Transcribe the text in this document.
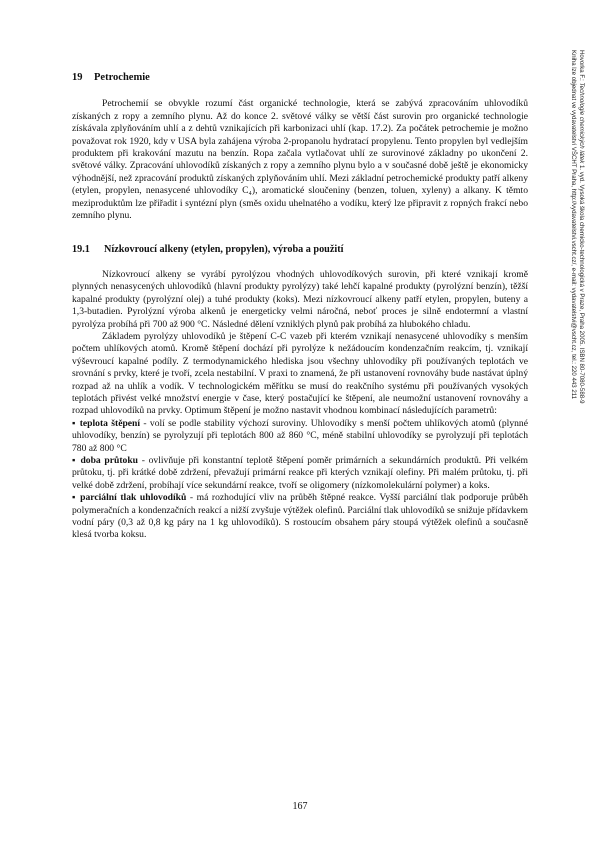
Hovorka F.: Technologie chemických látek 1. vyd. Vysoká škola chemicko-technologická v Praze, Praha 2005. ISBN 80-7080-588-9
Kniha lze objednat ve vydavatelství VŠCHT Praha, http://vydavatelstvi.vscht.cz/, e-mail: vydavatelstvi@vscht.cz, tel.: 220 443 211
19 Petrochemie

Petrochemií se obvykle rozumí část organické technologie, která se zabývá zpracováním uhlovodíků získaných z ropy a zemního plynu. Až do konce 2. světové války se větší část surovin pro organické technologie získávala zplyňováním uhlí a z dehtů vznikajících při karbonizaci uhlí (kap. 17.2). Za počátek petrochemie je možno považovat rok 1920, kdy v USA byla zahájena výroba 2-propanolu hydratací propylenu. Tento propylen byl vedlejším produktem při krakování mazutu na benzín. Ropa začala vytlačovat uhlí ze surovinové základny po ukončení 2. světové války. Zpracování uhlovodíků získaných z ropy a zemního plynu bylo a v současné době ještě je ekonomicky výhodnější, než zpracování produktů získaných zplyňováním uhlí. Mezi základní petrochemické produkty patří alkeny (etylen, propylen, nenasycené uhlovodíky C₄), aromatické sloučeniny (benzen, toluen, xyleny) a alkany. K těmto meziproduktům lze přiřadit i syntézní plyn (směs oxidu uhelnatého a vodíku, který lze připravit z ropných frakcí nebo zemního plynu.

19.1 Nízkovroucí alkeny (etylen, propylen), výroba a použití

Nízkovroucí alkeny se vyrábí pyrolýzou vhodných uhlovodíkových surovin, při které vznikají kromě plynných nenasycených uhlovodíků (hlavní produkty pyrolýzy) také lehčí kapalné produkty (pyrolýzní benzín), těžší kapalné produkty (pyrolýzní olej) a tuhé produkty (koks). Mezi nízkovroucí alkeny patří etylen, propylen, buteny a 1,3-butadien. Pyrolýzní výroba alkenů je energeticky velmi náročná, neboť proces je silně endotermní a vlastní pyrolýza probíhá při 700 až 900 °C. Následné dělení vzniklých plynů pak probíhá za hlubokého chladu.

Základem pyrolýzy uhlovodíků je štěpení C-C vazeb při kterém vznikají nenasycené uhlovodíky s menším počtem uhlíkových atomů. Kromě štěpení dochází při pyrolýze k nežádoucím kondenzačním reakcím, tj. vznikají výševroucí kapalné podíly. Z termodynamického hlediska jsou všechny uhlovodíky při používaných teplotách ve srovnání s prvky, které je tvoří, zcela nestabilní. V praxi to znamená, že při ustanovení rovnováhy bude nastávat úplný rozpad až na uhlík a vodík. V technologickém měřítku se musí do reakčního systému při používaných vysokých teplotách přivést velké množství energie v čase, který postačující ke štěpení, ale neumožní ustanovení rovnováhy a rozpad uhlovodíků na prvky. Optimum štěpení je možno nastavit vhodnou kombinací následujících parametrů:

▪ teplota štěpení - volí se podle stability výchozí suroviny. Uhlovodíky s menší počtem uhlíkových atomů (plynné uhlovodíky, benzín) se pyrolyzují při teplotách 800 až 860 °C, méně stabilní uhlovodíky se pyrolyzují při teplotách 780 až 800 °C

▪ doba průtoku - ovlivňuje při konstantní teplotě štěpení poměr primárních a sekundárních produktů. Při velkém průtoku, tj. při krátké době zdržení, převažují primární reakce při kterých vznikají olefiny. Při malém průtoku, tj. při velké době zdržení, probíhají více sekundární reakce, tvoří se oligomery (nízkomolekulární polymer) a koks.

▪ parciální tlak uhlovodíků - má rozhodující vliv na průběh štěpné reakce. Vyšší parciální tlak podporuje průběh polymeračních a kondenzačních reakcí a nižší zvyšuje výtěžek olefinů. Parciální tlak uhlovodíků se snižuje přídavkem vodní páry (0,3 až 0,8 kg páry na 1 kg uhlovodíků). S rostoucím obsahem páry stoupá výtěžek olefinů a současně klesá tvorba koksu.

167
